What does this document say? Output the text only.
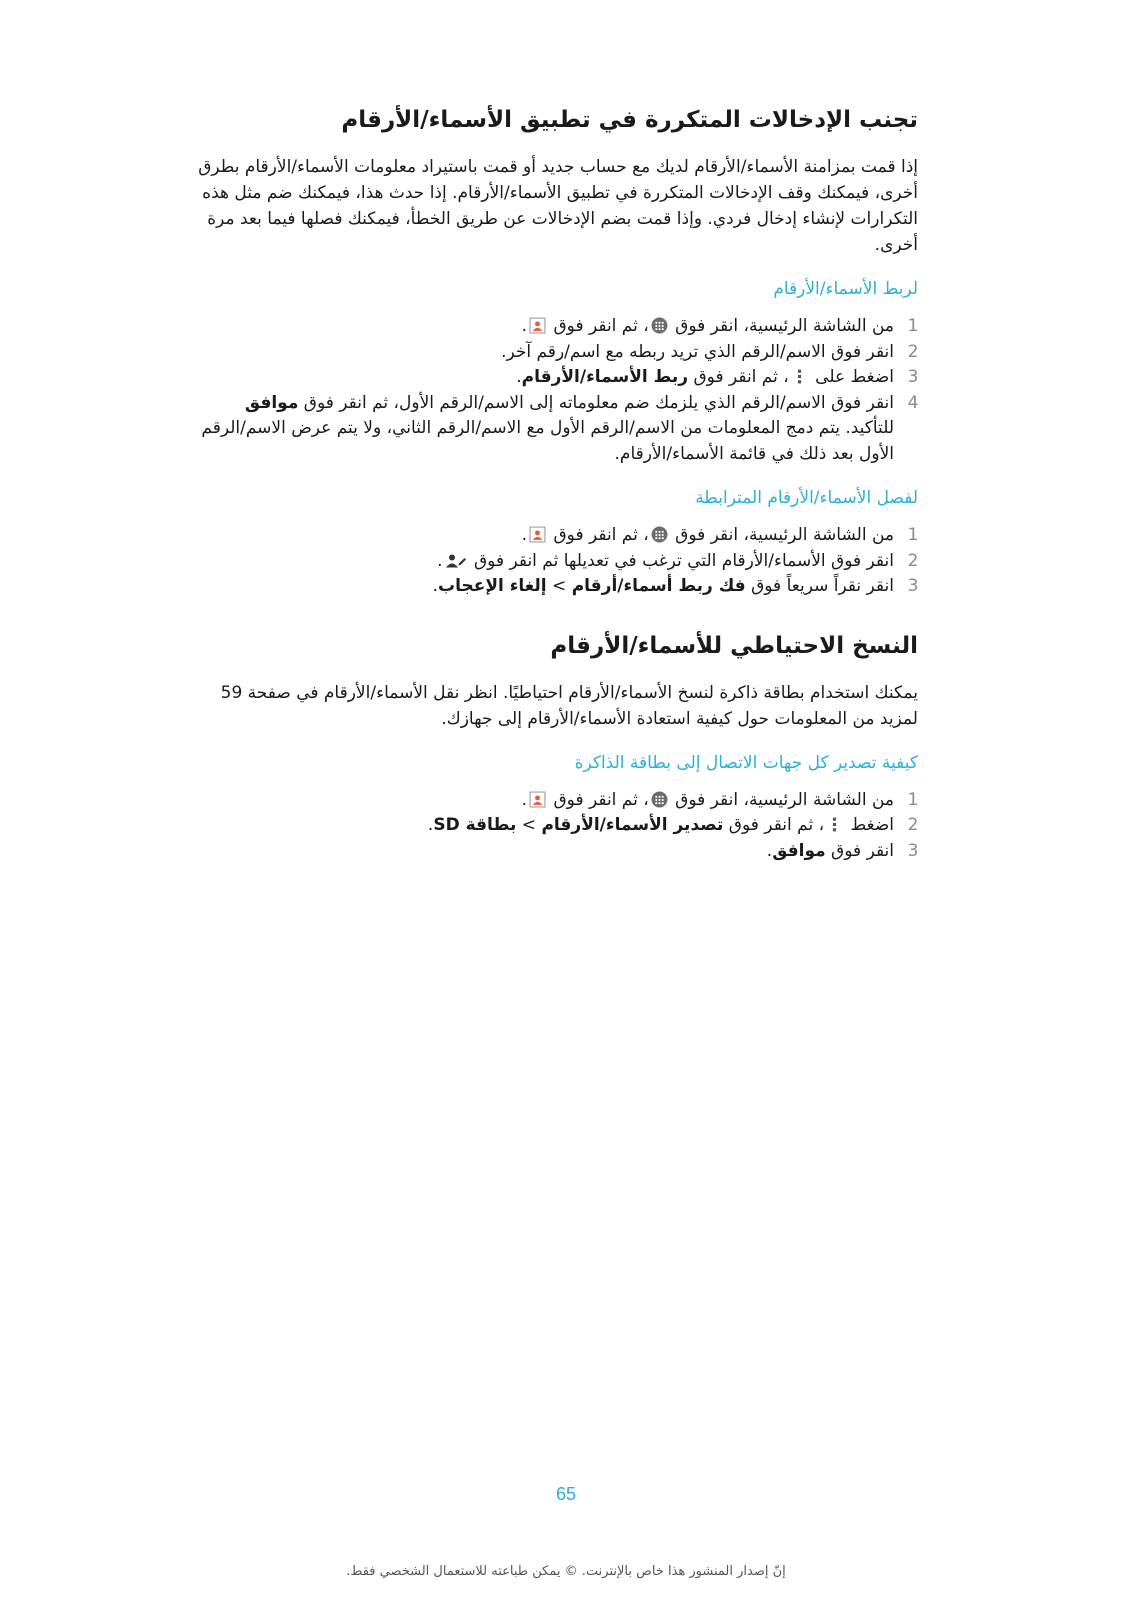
تجنب الإدخالات المتكررة في تطبيق الأسماء/الأرقام

إذا قمت بمزامنة الأسماء/الأرقام لديك مع حساب جديد أو قمت باستيراد معلومات الأسماء/الأرقام بطرق أخرى، فيمكنك وقف الإدخالات المتكررة في تطبيق الأسماء/الأرقام. إذا حدث هذا، فيمكنك ضم مثل هذه التكرارات لإنشاء إدخال فردي. وإذا قمت بضم الإدخالات عن طريق الخطأ، فيمكنك فصلها فيما بعد مرة أخرى.

لربط الأسماء/الأرقام
1
من الشاشة الرئيسية، انقر فوق ، ثم انقر فوق .
2
انقر فوق الاسم/الرقم الذي تريد ربطه مع اسم/رقم آخر.
3
اضغط على ، ثم انقر فوق ربط الأسماء/الأرقام.
4
انقر فوق الاسم/الرقم الذي يلزمك ضم معلوماته إلى الاسم/الرقم الأول، ثم انقر فوق موافق للتأكيد. يتم دمج المعلومات من الاسم/الرقم الأول مع الاسم/الرقم الثاني، ولا يتم عرض الاسم/الرقم الأول بعد ذلك في قائمة الأسماء/الأرقام.
لفصل الأسماء/الأرقام المترابطة
1
من الشاشة الرئيسية، انقر فوق ، ثم انقر فوق .
2
انقر فوق الأسماء/الأرقام التي ترغب في تعديلها ثم انقر فوق .
3
انقر نقراً سريعاً فوق فك ربط أسماء/أرقام > إلغاء الإعجاب.
النسخ الاحتياطي للأسماء/الأرقام

يمكنك استخدام بطاقة ذاكرة لنسخ الأسماء/الأرقام احتياطيًا. انظر نقل الأسماء/الأرقام في صفحة 59 لمزيد من المعلومات حول كيفية استعادة الأسماء/الأرقام إلى جهازك.

كيفية تصدير كل جهات الاتصال إلى بطاقة الذاكرة
1
من الشاشة الرئيسية، انقر فوق ، ثم انقر فوق .
2
اضغط ، ثم انقر فوق تصدير الأسماء/الأرقام > بطاقة SD.
3
انقر فوق موافق.
65
إنّ إصدار المنشور هذا خاص بالإنترنت. © يمكن طباعته للاستعمال الشخصي فقط.
